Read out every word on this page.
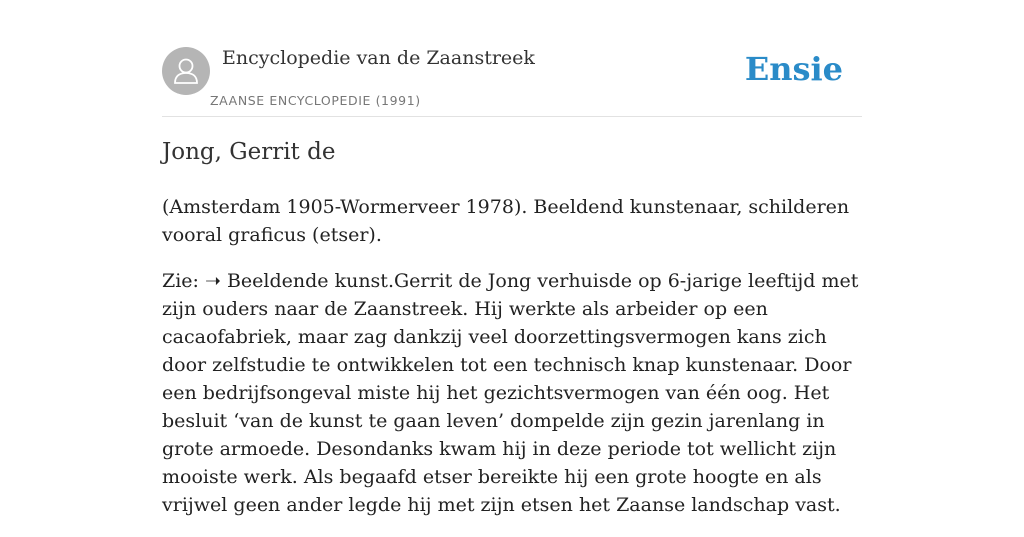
Encyclopedie van de Zaanstreek
ZAANSE ENCYCLOPEDIE (1991)
Ensie
Jong, Gerrit de

(Amsterdam 1905-Wormerveer 1978). Beeldend kunstenaar, schilderen vooral graficus (etser).

Zie: ➝ Beeldende kunst.Gerrit de Jong verhuisde op 6-jarige leeftijd met zijn ouders naar de Zaanstreek. Hij werkte als arbeider op een cacaofabriek, maar zag dankzij veel doorzettingsvermogen kans zich door zelfstudie te ontwikkelen tot een technisch knap kunstenaar. Door een bedrijfsongeval miste hij het gezichtsvermogen van één oog. Het besluit ‘van de kunst te gaan leven’ dompelde zijn gezin jarenlang in grote armoede. Desondanks kwam hij in deze periode tot wellicht zijn mooiste werk. Als begaafd etser bereikte hij een grote hoogte en als vrijwel geen ander legde hij met zijn etsen het Zaanse landschap vast.
